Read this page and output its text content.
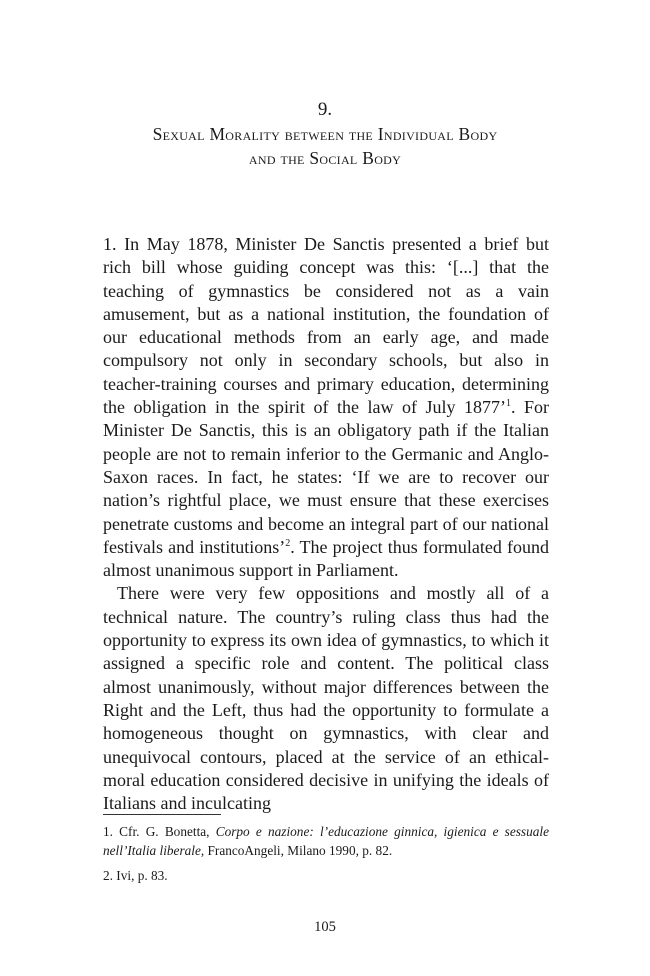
9.
Sexual Morality between the Individual Body
and the Social Body

1. In May 1878, Minister De Sanctis presented a brief but rich bill whose guiding concept was this: ‘[...] that the teaching of gymnastics be considered not as a vain amusement, but as a national institution, the foundation of our educational methods from an early age, and made compulsory not only in secondary schools, but also in teacher-training courses and primary education, determining the obligation in the spirit of the law of July 1877’$^1$. For Minister De Sanctis, this is an obligatory path if the Italian people are not to remain inferior to the Germanic and Anglo-Saxon races. In fact, he states: ‘If we are to recover our nation’s rightful place, we must ensure that these exercises penetrate customs and become an integral part of our national festivals and institutions’$^2$. The project thus formulated found almost unanimous support in Parliament.

There were very few oppositions and mostly all of a technical nature. The country’s ruling class thus had the opportunity to express its own idea of gymnastics, to which it assigned a specific role and content. The political class almost unanimously, without major differences between the Right and the Left, thus had the opportunity to formulate a homogeneous thought on gymnastics, with clear and unequivocal contours, placed at the service of an ethical-moral education considered decisive in unifying the ideals of Italians and inculcating

1. Cfr. G. Bonetta, Corpo e nazione: l’educazione ginnica, igienica e sessuale nell’Italia liberale, FrancoAngeli, Milano 1990, p. 82.

2. Ivi, p. 83.

105
